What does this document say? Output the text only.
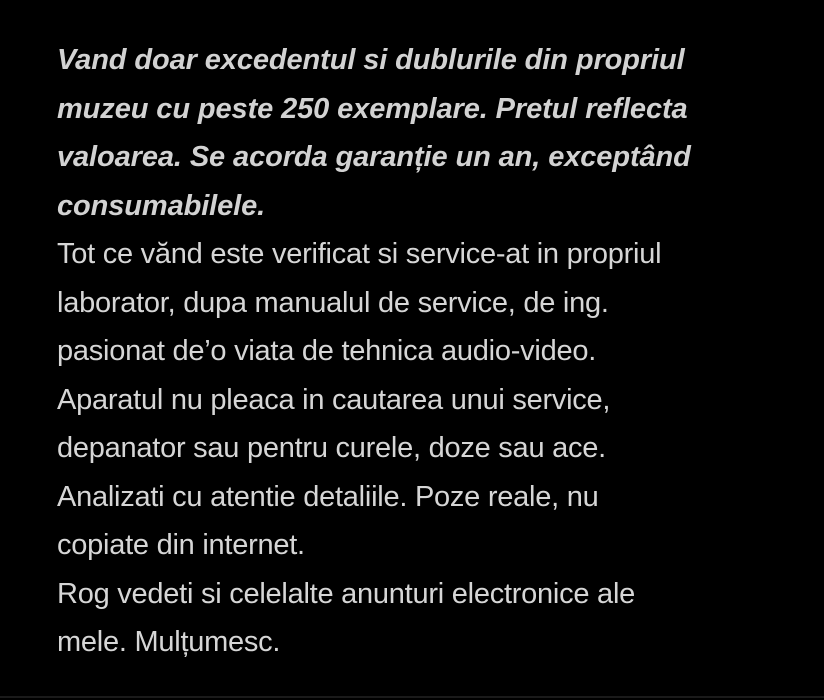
Vand doar excedentul si dublurile din propriul
muzeu cu peste 250 exemplare. Pretul reflecta
valoarea. Se acorda garanție un an, exceptând
consumabilele.
Tot ce vănd este verificat si service-at in propriul
laborator, dupa manualul de service, de ing.
pasionat de’o viata de tehnica audio-video.
Aparatul nu pleaca in cautarea unui service,
depanator sau pentru curele, doze sau ace.
Analizati cu atentie detaliile. Poze reale, nu
copiate din internet.
Rog vedeti si celelalte anunturi electronice ale
mele. Mulțumesc.
